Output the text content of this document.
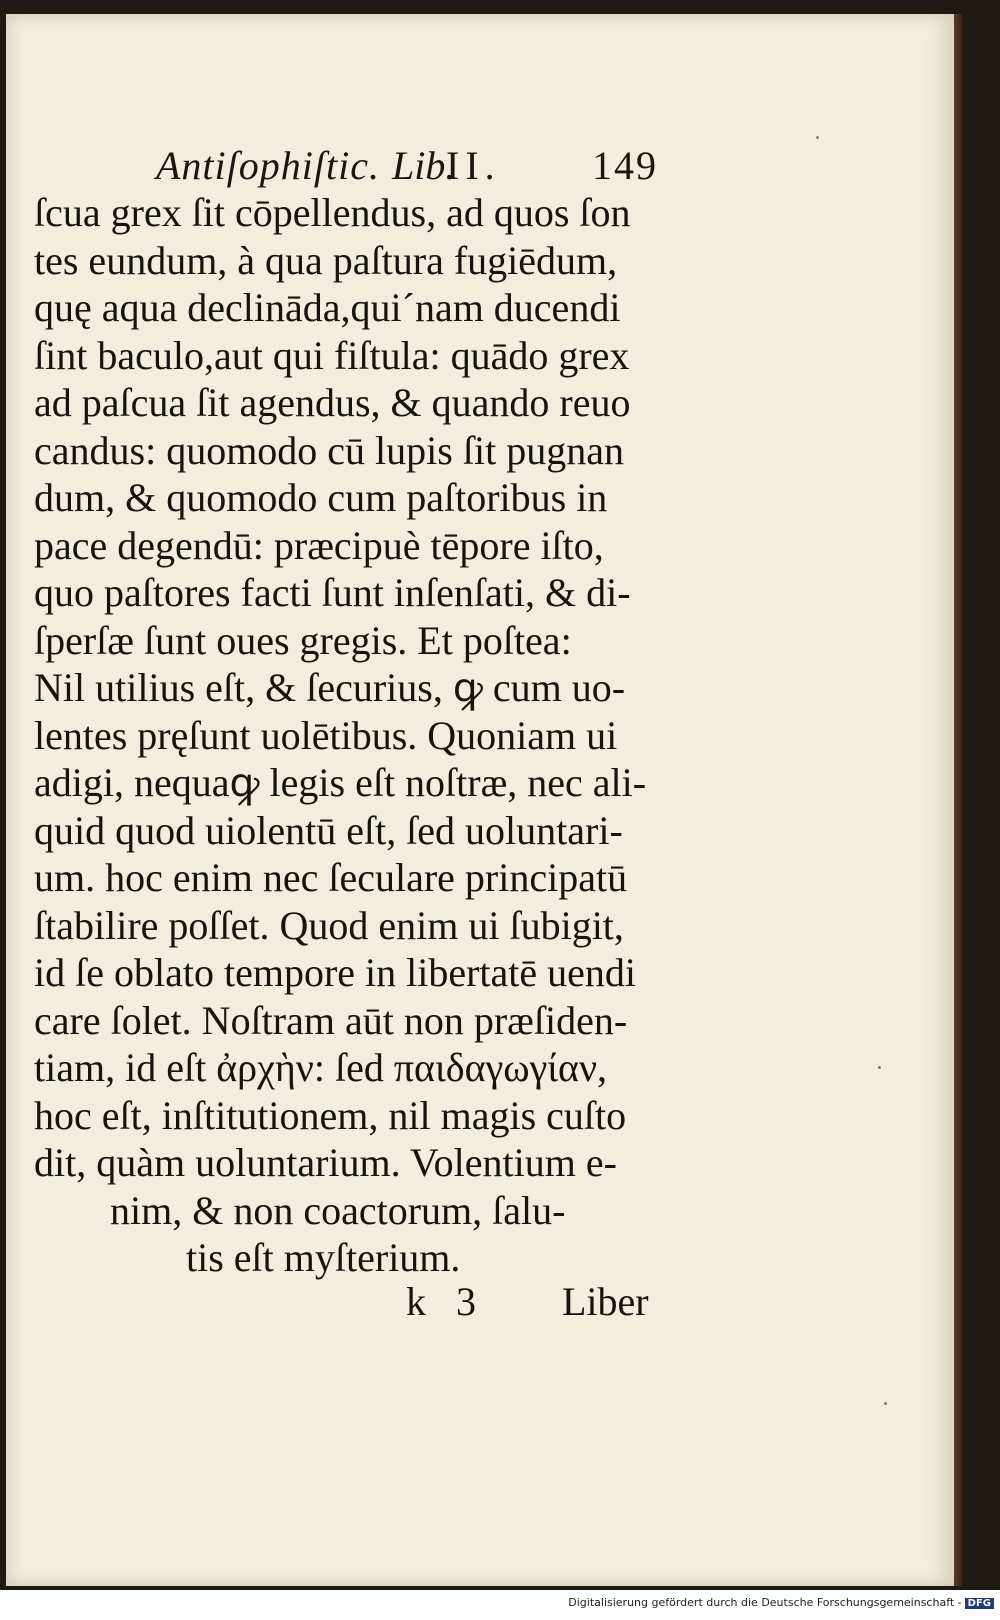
Antiſophiſtic. Lib.
II. 149
ſcua grex ſit cōpellendus, ad quos ſon
tes eundum, à qua paſtura fugiēdum,
quę aqua declināda,qui´nam ducendi
ſint baculo,aut qui fiſtula: quādo grex
ad paſcua ſit agendus, & quando reuo
candus: quomodo cū lupis ſit pugnan
dum, & quomodo cum paſtoribus in
pace degendū: præcipuè tēpore iſto,
quo paſtores facti ſunt inſenſati, & di-
ſperſæ ſunt oues gregis. Et poſtea:
Nil utilius eſt, & ſecurius, ꝙ cum uo-
lentes pręſunt uolētibus. Quoniam ui
adigi, nequaꝙ legis eſt noſtræ, nec ali-
quid quod uiolentū eſt, ſed uoluntari-
um. hoc enim nec ſeculare principatū
ſtabilire poſſet. Quod enim ui ſubigit,
id ſe oblato tempore in libertatē uendi
care ſolet. Noſtram aūt non præſiden-
tiam, id eſt ἀρχὴν: ſed παιδαγωγίαν,
hoc eſt, inſtitutionem, nil magis cuſto
dit, quàm uoluntarium. Volentium e-
nim, & non coactorum, ſalu-
tis eſt myſterium.
k 3 Liber
Digitalisierung gefördert durch die Deutsche Forschungsgemeinschaft - DFG
